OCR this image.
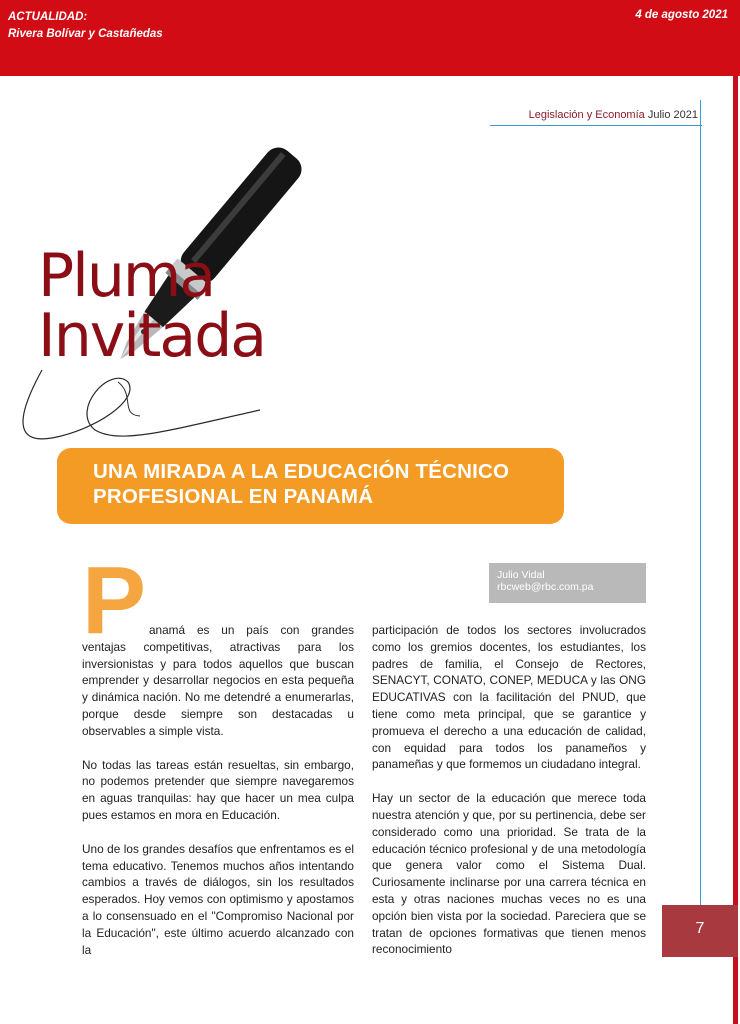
ACTUALIDAD:
Rivera Bolívar y Castañedas
4 de agosto 2021
Legislación y Economía Julio 2021
Pluma
Invitada
UNA MIRADA A LA EDUCACIÓN TÉCNICO
PROFESIONAL EN PANAMÁ
Julio Vidal
rbcweb@rbc.com.pa
P anamá es un país con grandes ventajas competitivas, atractivas para los inversionistas y para todos aquellos que buscan emprender y desarrollar negocios en esta pequeña y dinámica nación. No me detendré a enumerarlas, porque desde siempre son destacadas u observables a simple vista.

No todas las tareas están resueltas, sin embargo, no podemos pretender que siempre navegaremos en aguas tranquilas: hay que hacer un mea culpa pues estamos en mora en Educación.

Uno de los grandes desafíos que enfrentamos es el tema educativo. Tenemos muchos años intentando cambios a través de diálogos, sin los resultados esperados. Hoy vemos con optimismo y apostamos a lo consensuado en el "Compromiso Nacional por la Educación", este último acuerdo alcanzado con la

participación de todos los sectores involucrados como los gremios docentes, los estudiantes, los padres de familia, el Consejo de Rectores, SENACYT, CONATO, CONEP, MEDUCA y las ONG EDUCATIVAS con la facilitación del PNUD, que tiene como meta principal, que se garantice y promueva el derecho a una educación de calidad, con equidad para todos los panameños y panameñas y que formemos un ciudadano integral.

Hay un sector de la educación que merece toda nuestra atención y que, por su pertinencia, debe ser considerado como una prioridad. Se trata de la educación técnico profesional y de una metodología que genera valor como el Sistema Dual. Curiosamente inclinarse por una carrera técnica en esta y otras naciones muchas veces no es una opción bien vista por la sociedad. Pareciera que se tratan de opciones formativas que tienen menos reconocimiento

7
